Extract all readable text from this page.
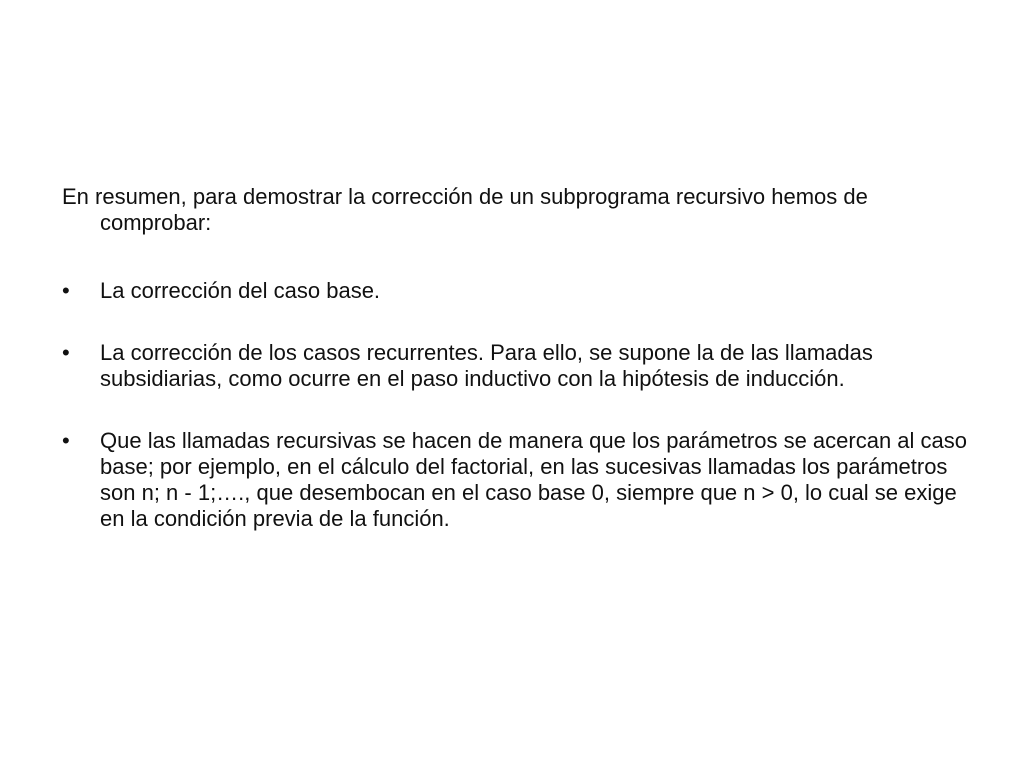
En resumen, para demostrar la corrección de un subprograma recursivo hemos de comprobar:

•	La corrección del caso base.
•	La corrección de los casos recurrentes. Para ello, se supone la de las llamadas subsidiarias, como ocurre en el paso inductivo con la hipótesis de inducción.
•	Que las llamadas recursivas se hacen de manera que los parámetros se acercan al caso base; por ejemplo, en el cálculo del factorial, en las sucesivas llamadas los parámetros son n; n - 1;…., que desembocan en el caso base 0, siempre que n > 0, lo cual se exige en la condición previa de la función.
